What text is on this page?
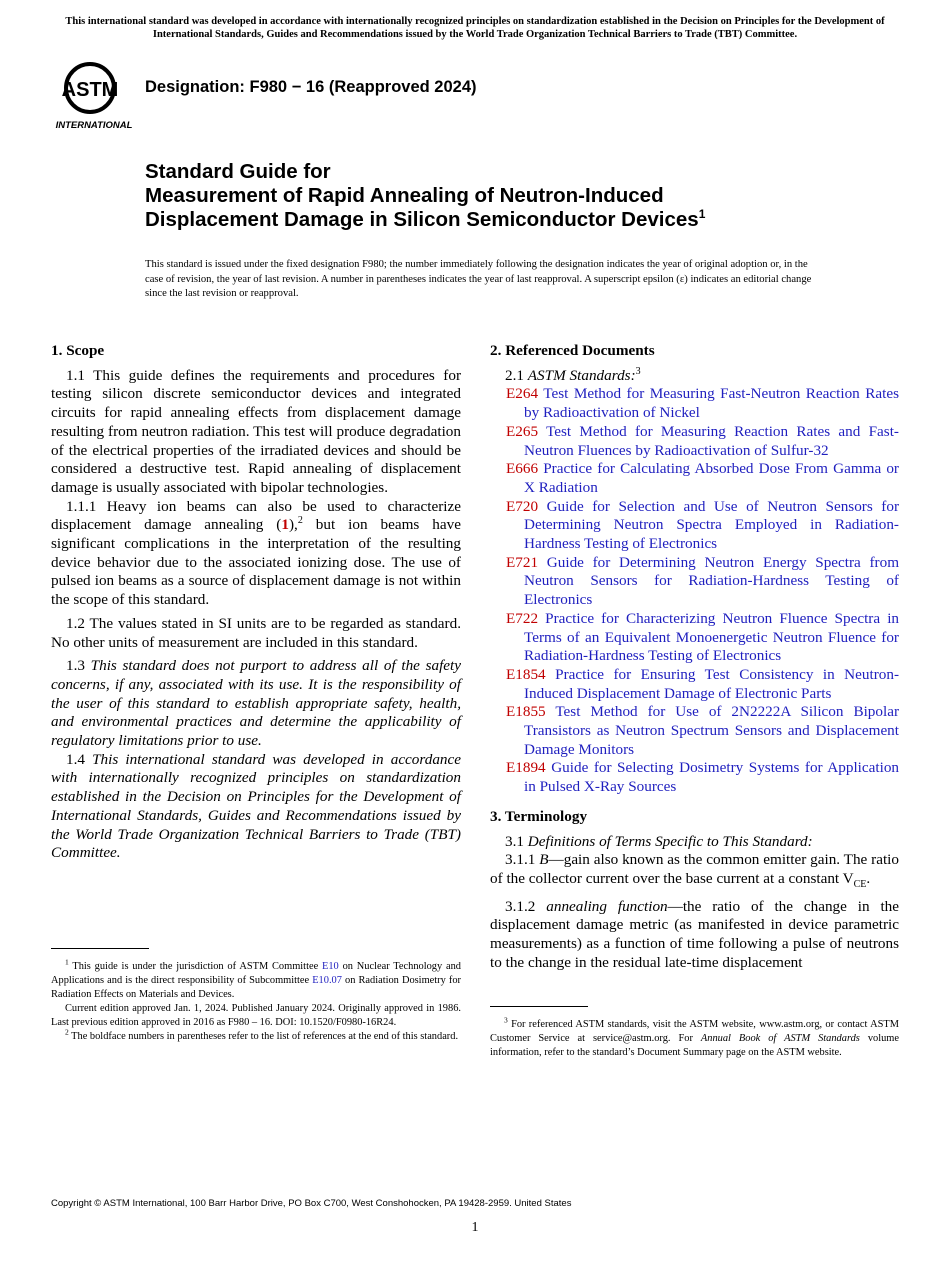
This international standard was developed in accordance with internationally recognized principles on standardization established in the Decision on Principles for the Development of International Standards, Guides and Recommendations issued by the World Trade Organization Technical Barriers to Trade (TBT) Committee.
ASTM
INTERNATIONAL
Designation: F980 − 16 (Reapproved 2024)
Standard Guide for
Measurement of Rapid Annealing of Neutron-Induced
Displacement Damage in Silicon Semiconductor Devices$^1$
This standard is issued under the fixed designation F980; the number immediately following the designation indicates the year of original adoption or, in the case of revision, the year of last revision. A number in parentheses indicates the year of last reapproval. A superscript epsilon (ε) indicates an editorial change since the last revision or reapproval.
1. Scope

1.1 This guide defines the requirements and procedures for testing silicon discrete semiconductor devices and integrated circuits for rapid annealing effects from displacement damage resulting from neutron radiation. This test will produce degradation of the electrical properties of the irradiated devices and should be considered a destructive test. Rapid annealing of displacement damage is usually associated with bipolar technologies.

1.1.1 Heavy ion beams can also be used to characterize displacement damage annealing (1),$^2$ but ion beams have significant complications in the interpretation of the resulting device behavior due to the associated ionizing dose. The use of pulsed ion beams as a source of displacement damage is not within the scope of this standard.

1.2 The values stated in SI units are to be regarded as standard. No other units of measurement are included in this standard.

1.3 This standard does not purport to address all of the safety concerns, if any, associated with its use. It is the responsibility of the user of this standard to establish appropriate safety, health, and environmental practices and determine the applicability of regulatory limitations prior to use.

1.4 This international standard was developed in accordance with internationally recognized principles on standardization established in the Decision on Principles for the Development of International Standards, Guides and Recommendations issued by the World Trade Organization Technical Barriers to Trade (TBT) Committee.

2. Referenced Documents

2.1 ASTM Standards:$^3$

E264 Test Method for Measuring Fast-Neutron Reaction Rates by Radioactivation of Nickel

E265 Test Method for Measuring Reaction Rates and Fast-Neutron Fluences by Radioactivation of Sulfur-32

E666 Practice for Calculating Absorbed Dose From Gamma or X Radiation

E720 Guide for Selection and Use of Neutron Sensors for Determining Neutron Spectra Employed in Radiation-Hardness Testing of Electronics

E721 Guide for Determining Neutron Energy Spectra from Neutron Sensors for Radiation-Hardness Testing of Electronics

E722 Practice for Characterizing Neutron Fluence Spectra in Terms of an Equivalent Monoenergetic Neutron Fluence for Radiation-Hardness Testing of Electronics

E1854 Practice for Ensuring Test Consistency in Neutron-Induced Displacement Damage of Electronic Parts

E1855 Test Method for Use of 2N2222A Silicon Bipolar Transistors as Neutron Spectrum Sensors and Displacement Damage Monitors

E1894 Guide for Selecting Dosimetry Systems for Application in Pulsed X-Ray Sources

3. Terminology

3.1 Definitions of Terms Specific to This Standard:

3.1.1 B—gain also known as the common emitter gain. The ratio of the collector current over the base current at a constant $V_{CE}$.

3.1.2 annealing function—the ratio of the change in the displacement damage metric (as manifested in device parametric measurements) as a function of time following a pulse of neutrons to the change in the residual late-time displacement

$^1$ This guide is under the jurisdiction of ASTM Committee E10 on Nuclear Technology and Applications and is the direct responsibility of Subcommittee E10.07 on Radiation Dosimetry for Radiation Effects on Materials and Devices.

Current edition approved Jan. 1, 2024. Published January 2024. Originally approved in 1986. Last previous edition approved in 2016 as F980 – 16. DOI: 10.1520/F0980-16R24.

$^2$ The boldface numbers in parentheses refer to the list of references at the end of this standard.

$^3$ For referenced ASTM standards, visit the ASTM website, www.astm.org, or contact ASTM Customer Service at service@astm.org. For Annual Book of ASTM Standards volume information, refer to the standard’s Document Summary page on the ASTM website.

Copyright © ASTM International, 100 Barr Harbor Drive, PO Box C700, West Conshohocken, PA 19428-2959. United States
1
